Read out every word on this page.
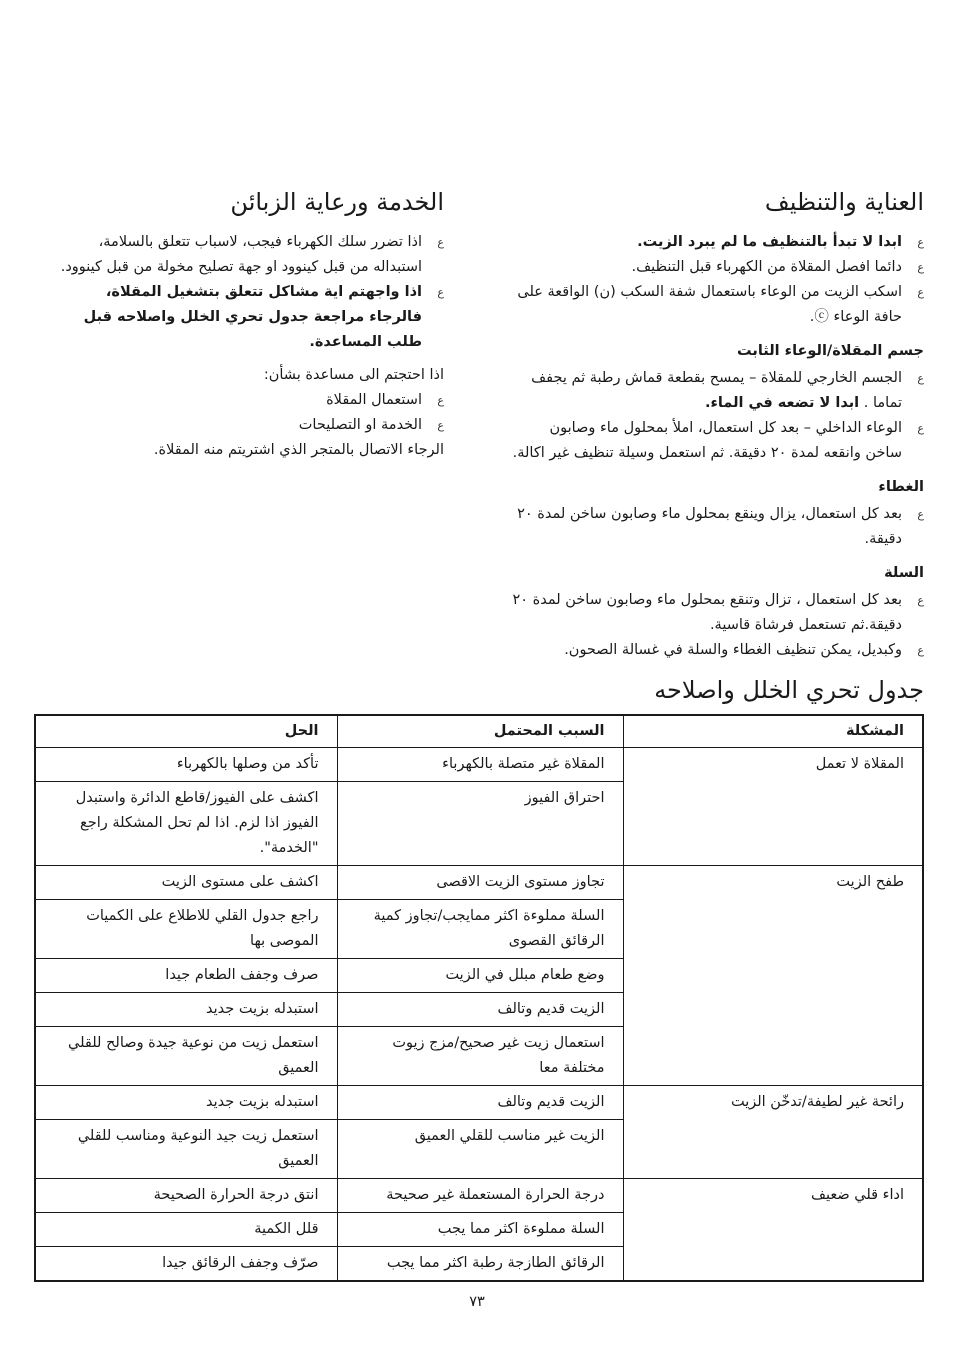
العناية والتنظيف
ع
ابدا لا تبدأ بالتنظيف ما لم يبرد الزيت.
ع
دائما افصل المقلاة من الكهرباء قبل التنظيف.
ع
اسكب الزيت من الوعاء باستعمال شفة السكب (ن) الواقعة على حافة الوعاء ⓒ.
جسم المقلاة/الوعاء الثابت
ع
الجسم الخارجي للمقلاة – يمسح بقطعة قماش رطبة ثم يجفف تماما . ابدا لا تضعه في الماء.
ع
الوعاء الداخلي – بعد كل استعمال، املأ بمحلول ماء وصابون ساخن وانقعه لمدة ٢٠ دقيقة. ثم استعمل وسيلة تنظيف غير اكالة.
الغطاء
ع
بعد كل استعمال، يزال وينقع بمحلول ماء وصابون ساخن لمدة ٢٠ دقيقة.
السلة
ع
بعد كل استعمال ، تزال وتنقع بمحلول ماء وصابون ساخن لمدة ٢٠ دقيقة.ثم تستعمل فرشاة قاسية.
ع
وكبديل، يمكن تنظيف الغطاء والسلة في غسالة الصحون.
الخدمة ورعاية الزبائن
ع
اذا تضرر سلك الكهرباء فيجب، لاسباب تتعلق بالسلامة، استبداله من قبل كينوود او جهة تصليح مخولة من قبل كينوود.
ع
اذا واجهتم اية مشاكل تتعلق بتشغيل المقلاة، فالرجاء مراجعة جدول تحري الخلل واصلاحه قبل طلب المساعدة.

اذا احتجتم الى مساعدة بشأن:

ع
استعمال المقلاة
ع
الخدمة او التصليحات

الرجاء الاتصال بالمتجر الذي اشتريتم منه المقلاة.

جدول تحري الخلل واصلاحه
المشكلة	السبب المحتمل	الحل
المقلاة لا تعمل	المقلاة غير متصلة بالكهرباء	تأكد من وصلها بالكهرباء
	احتراق الفيوز	اكشف على الفيوز/قاطع الدائرة واستبدل الفيوز اذا لزم. اذا لم تحل المشكلة راجع "الخدمة".
طفح الزيت	تجاوز مستوى الزيت الاقصى	اكشف على مستوى الزيت
	السلة مملوءة اكثر ممايجب/تجاوز كمية الرقائق القصوى	راجع جدول القلي للاطلاع على الكميات الموصى بها
	وضع طعام مبلل في الزيت	صرف وجفف الطعام جيدا
	الزيت قديم وتالف	استبدله بزيت جديد
	استعمال زيت غير صحيح/مزج زيوت مختلفة معا	استعمل زيت من نوعية جيدة وصالح للقلي العميق
رائحة غير لطيفة/تدخّن الزيت	الزيت قديم وتالف	استبدله بزيت جديد
	الزيت غير مناسب للقلي العميق	استعمل زيت جيد النوعية ومناسب للقلي العميق
اداء قلي ضعيف	درجة الحرارة المستعملة غير صحيحة	انتق درجة الحرارة الصحيحة
	السلة مملوءة اكثر مما يجب	قلل الكمية
	الرقائق الطازجة رطبة اكثر مما يجب	صرّف وجفف الرقائق جيدا
٧٣
